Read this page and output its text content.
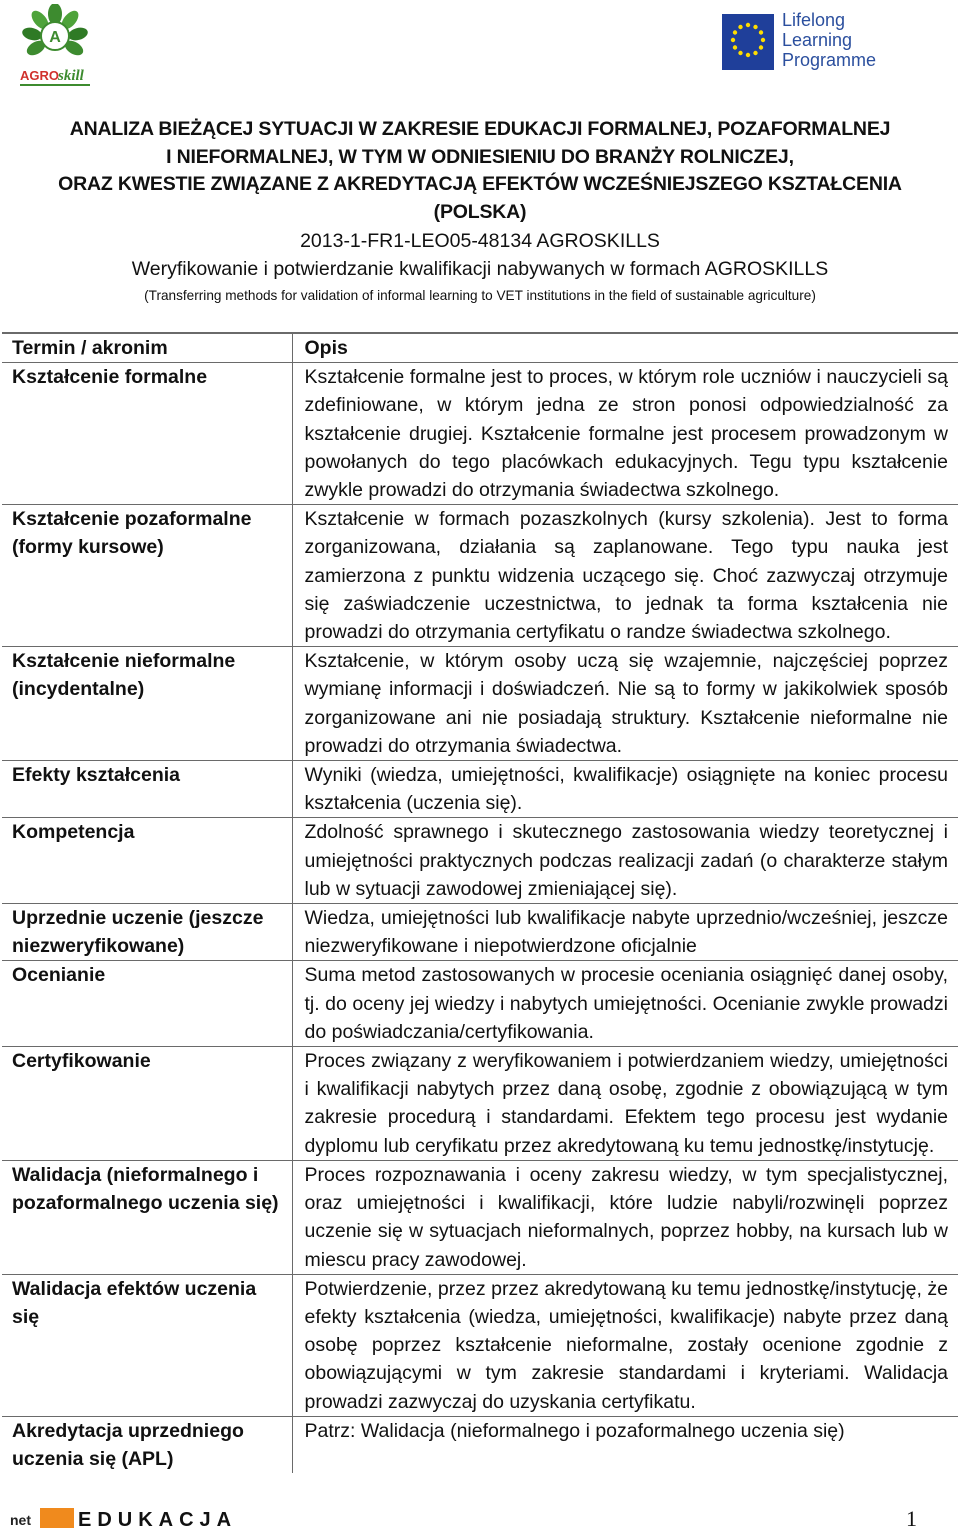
A
AGRO skill
Lifelong
Learning
Programme
ANALIZA BIEŻĄCEJ SYTUACJI W ZAKRESIE EDUKACJI FORMALNEJ, POZAFORMALNEJ
I NIEFORMALNEJ, W TYM W ODNIESIENIU DO BRANŻY ROLNICZEJ,
ORAZ KWESTIE ZWIĄZANE Z AKREDYTACJĄ EFEKTÓW WCZEŚNIEJSZEGO KSZTAŁCENIA
(POLSKA)
2013-1-FR1-LEO05-48134 AGROSKILLS
Weryfikowanie i potwierdzanie kwalifikacji nabywanych w formach AGROSKILLS
(Transferring methods for validation of informal learning to VET institutions in the field of sustainable agriculture)
Termin / akronim	Opis
Kształcenie formalne	Kształcenie formalne jest to proces, w którym role uczniów i nauczycieli są zdefiniowane, w którym jedna ze stron ponosi odpowiedzialność za kształcenie drugiej. Kształcenie formalne jest procesem prowadzonym w powołanych do tego placówkach edukacyjnych. Tegu typu kształcenie zwykle prowadzi do otrzymania świadectwa szkolnego.
Kształcenie pozaformalne (formy kursowe)	Kształcenie w formach pozaszkolnych (kursy szkolenia). Jest to forma zorganizowana, działania są zaplanowane. Tego typu nauka jest zamierzona z punktu widzenia uczącego się. Choć zazwyczaj otrzymuje się zaświadczenie uczestnictwa, to jednak ta forma kształcenia nie prowadzi do otrzymania certyfikatu o randze świadectwa szkolnego.
Kształcenie nieformalne (incydentalne)	Kształcenie, w którym osoby uczą się wzajemnie, najczęściej poprzez wymianę informacji i doświadczeń. Nie są to formy w jakikolwiek sposób zorganizowane ani nie posiadają struktury. Kształcenie nieformalne nie prowadzi do otrzymania świadectwa.
Efekty kształcenia	Wyniki (wiedza, umiejętności, kwalifikacje) osiągnięte na koniec procesu kształcenia (uczenia się).
Kompetencja	Zdolność sprawnego i skutecznego zastosowania wiedzy teoretycznej i umiejętności praktycznych podczas realizacji zadań (o charakterze stałym lub w sytuacji zawodowej zmieniającej się).
Uprzednie uczenie (jeszcze niezweryfikowane)	Wiedza, umiejętności lub kwalifikacje nabyte uprzednio/wcześniej, jeszcze niezweryfikowane i niepotwierdzone oficjalnie
Ocenianie	Suma metod zastosowanych w procesie oceniania osiągnięć danej osoby, tj. do oceny jej wiedzy i nabytych umiejętności. Ocenianie zwykle prowadzi do poświadczania/certyfikowania.
Certyfikowanie	Proces związany z weryfikowaniem i potwierdzaniem wiedzy, umiejętności i kwalifikacji nabytych przez daną osobę, zgodnie z obowiązującą w tym zakresie procedurą i standardami. Efektem tego procesu jest wydanie dyplomu lub ceryfikatu przez akredytowaną ku temu jednostkę/instytucję.
Walidacja (nieformalnego i pozaformalnego uczenia się)	Proces rozpoznawania i oceny zakresu wiedzy, w tym specjalistycznej, oraz umiejętności i kwalifikacji, które ludzie nabyli/rozwinęli poprzez uczenie się w sytuacjach nieformalnych, poprzez hobby, na kursach lub w miescu pracy zawodowej.
Walidacja efektów uczenia się	Potwierdzenie, przez przez akredytowaną ku temu jednostkę/instytucję, że efekty kształcenia (wiedza, umiejętności, kwalifikacje) nabyte przez daną osobę poprzez kształcenie nieformalne, zostały ocenione zgodnie z obowiązującymi w tym zakresie standardami i kryteriami. Walidacja prowadzi zazwyczaj do uzyskania certyfikatu.
Akredytacja uprzedniego uczenia się (APL)	Patrz: Walidacja (nieformalnego i pozaformalnego uczenia się)
net EDUKACJA	1
